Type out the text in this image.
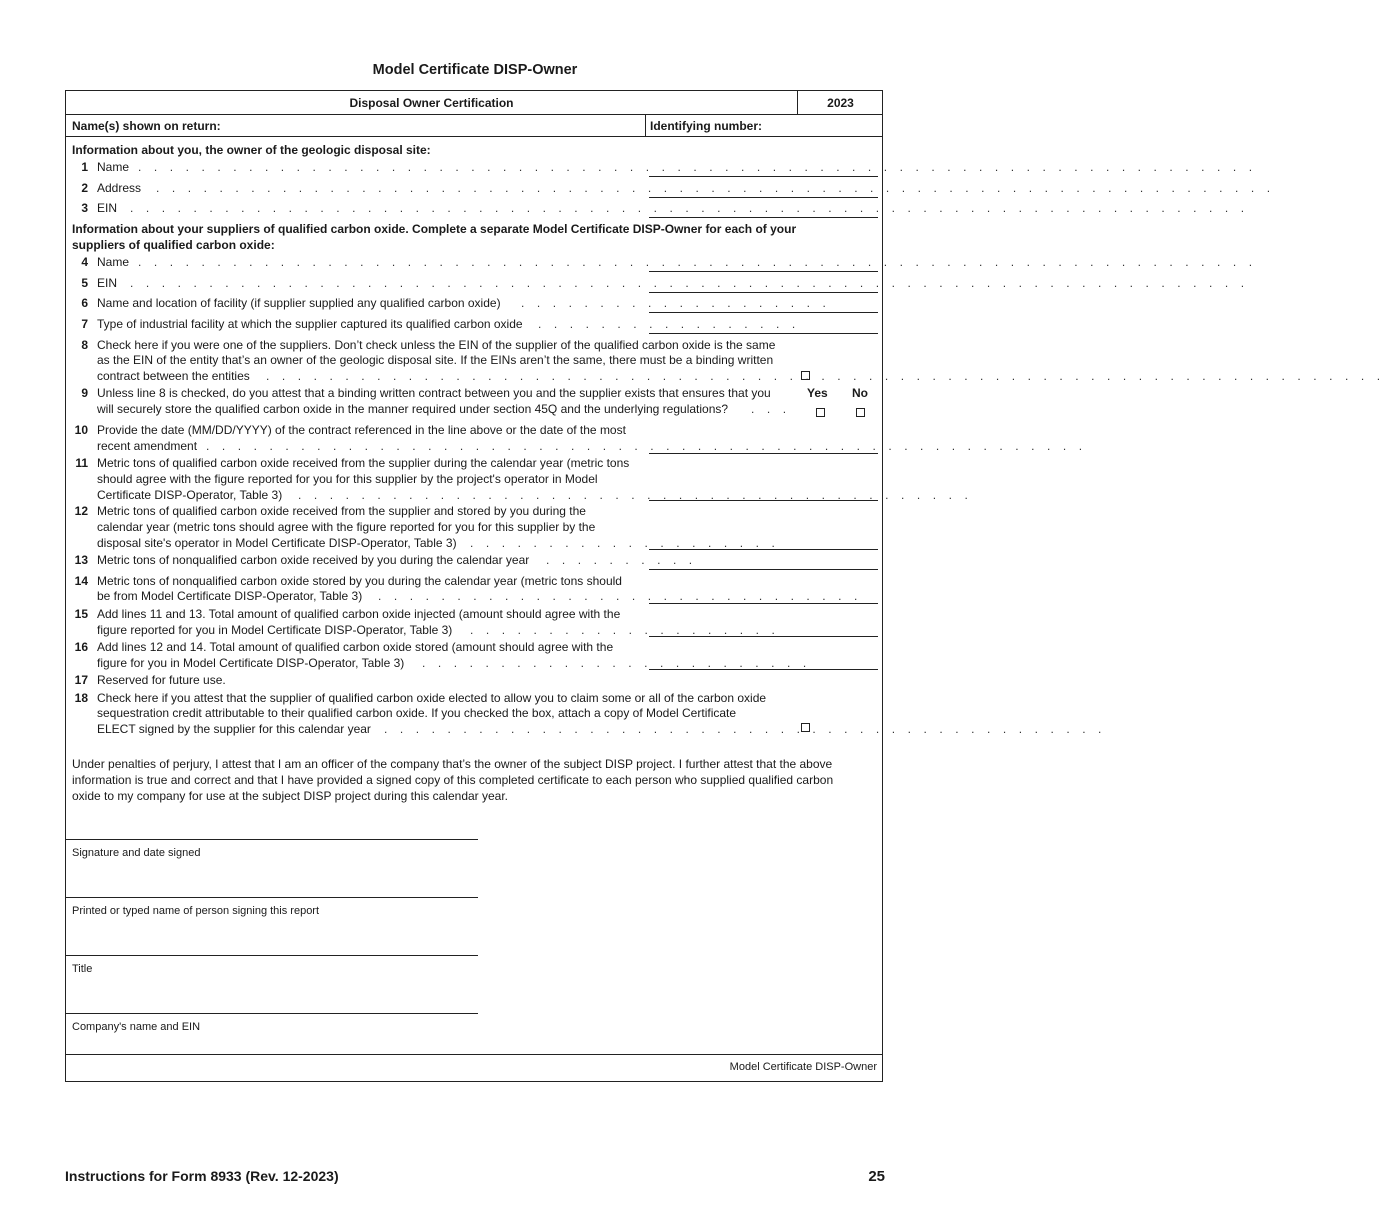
Model Certificate DISP-Owner
Disposal Owner Certification	2023
Name(s) shown on return:	Identifying number:
Information about you, the owner of the geologic disposal site:
1 Name . . . . . . . . . . . . . . . . . . . . . . . . . . . . . . . . . . . . . . . . . . . . . . . . . . . . . . . . . . . . . . . . . . . . . . .
2 Address . . . . . . . . . . . . . . . . . . . . . . . . . . . . . . . . . . . . . . . . . . . . . . . . . . . . . . . . . . . . . . . . . . . . . . .
3 EIN . . . . . . . . . . . . . . . . . . . . . . . . . . . . . . . . . . . . . . . . . . . . . . . . . . . . . . . . . . . . . . . . . . . . . . .
Information about your suppliers of qualified carbon oxide. Complete a separate Model Certificate DISP-Owner for each of your
suppliers of qualified carbon oxide:
4 Name . . . . . . . . . . . . . . . . . . . . . . . . . . . . . . . . . . . . . . . . . . . . . . . . . . . . . . . . . . . . . . . . . . . . . . .
5 EIN . . . . . . . . . . . . . . . . . . . . . . . . . . . . . . . . . . . . . . . . . . . . . . . . . . . . . . . . . . . . . . . . . . . . . . .
6 Name and location of facility (if supplier supplied any qualified carbon oxide) . . . . . . . . . . . . . . . . . . . .
7 Type of industrial facility at which the supplier captured its qualified carbon oxide . . . . . . . . . . . . . . . . .
8 Check here if you were one of the suppliers. Don’t check unless the EIN of the supplier of the qualified carbon oxide is the same
as the EIN of the entity that’s an owner of the geologic disposal site. If the EINs aren’t the same, there must be a binding written
contract between the entities . . . . . . . . . . . . . . . . . . . . . . . . . . . . . . . . . . . . . . . . . . . . . . . . . . . . . . . . . . . . . . . . . . . . . . .
9 Unless line 8 is checked, do you attest that a binding written contract between you and the supplier exists that ensures that you
will securely store the qualified carbon oxide in the manner required under section 45Q and the underlying regulations? . . .
Yes No
10 Provide the date (MM/DD/YYYY) of the contract referenced in the line above or the date of the most
recent amendment . . . . . . . . . . . . . . . . . . . . . . . . . . . . . . . . . . . . . . . . . . . . . . . . . . . . . . . .
11 Metric tons of qualified carbon oxide received from the supplier during the calendar year (metric tons
should agree with the figure reported for you for this supplier by the project's operator in Model
Certificate DISP-Operator, Table 3) . . . . . . . . . . . . . . . . . . . . . . . . . . . . . . . . . . . . . . . . . . .
12 Metric tons of qualified carbon oxide received from the supplier and stored by you during the
calendar year (metric tons should agree with the figure reported for you for this supplier by the
disposal site's operator in Model Certificate DISP-Operator, Table 3) . . . . . . . . . . . . . . . . . . . .
13 Metric tons of nonqualified carbon oxide received by you during the calendar year . . . . . . . . . .
14 Metric tons of nonqualified carbon oxide stored by you during the calendar year (metric tons should
be from Model Certificate DISP-Operator, Table 3) . . . . . . . . . . . . . . . . . . . . . . . . . . . . . . .
15 Add lines 11 and 13. Total amount of qualified carbon oxide injected (amount should agree with the
figure reported for you in Model Certificate DISP-Operator, Table 3) . . . . . . . . . . . . . . . . . . . .
16 Add lines 12 and 14. Total amount of qualified carbon oxide stored (amount should agree with the
figure for you in Model Certificate DISP-Operator, Table 3) . . . . . . . . . . . . . . . . . . . . . . . . .
17 Reserved for future use.
18 Check here if you attest that the supplier of qualified carbon oxide elected to allow you to claim some or all of the carbon oxide
sequestration credit attributable to their qualified carbon oxide. If you checked the box, attach a copy of Model Certificate
ELECT signed by the supplier for this calendar year . . . . . . . . . . . . . . . . . . . . . . . . . . . . . . . . . . . . . . . . . . . . . .
Under penalties of perjury, I attest that I am an officer of the company that’s the owner of the subject DISP project. I further attest that the above
information is true and correct and that I have provided a signed copy of this completed certificate to each person who supplied qualified carbon
oxide to my company for use at the subject DISP project during this calendar year.
Signature and date signed
Printed or typed name of person signing this report
Title
Company's name and EIN
Model Certificate DISP-Owner
Instructions for Form 8933 (Rev. 12-2023)	25
